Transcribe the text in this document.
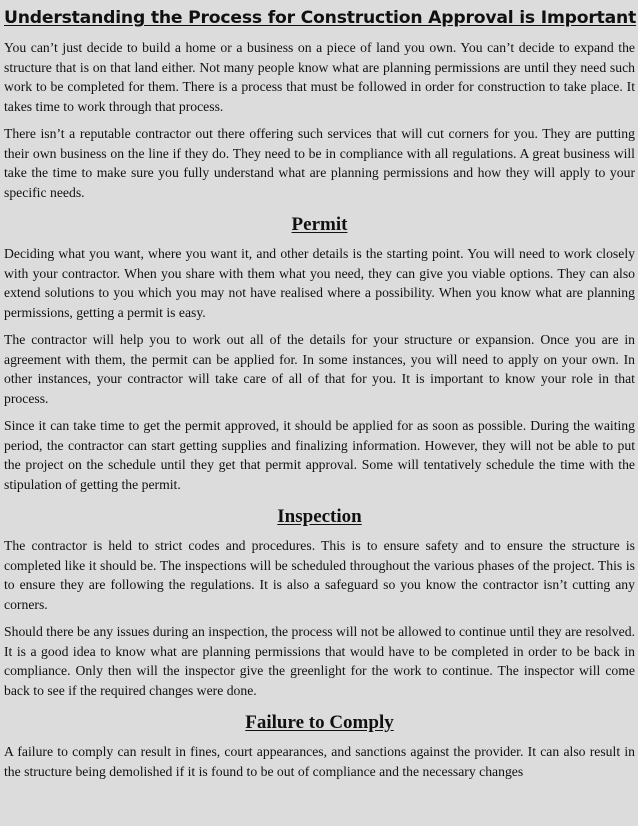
Understanding the Process for Construction Approval is Important

You can’t just decide to build a home or a business on a piece of land you own. You can’t decide to expand the structure that is on that land either. Not many people know what are planning permissions are until they need such work to be completed for them. There is a process that must be followed in order for construction to take place. It takes time to work through that process.

There isn’t a reputable contractor out there offering such services that will cut corners for you. They are putting their own business on the line if they do. They need to be in compliance with all regulations. A great business will take the time to make sure you fully understand what are planning permissions and how they will apply to your specific needs.

Permit

Deciding what you want, where you want it, and other details is the starting point. You will need to work closely with your contractor. When you share with them what you need, they can give you viable options. They can also extend solutions to you which you may not have realised where a possibility. When you know what are planning permissions, getting a permit is easy.

The contractor will help you to work out all of the details for your structure or expansion. Once you are in agreement with them, the permit can be applied for. In some instances, you will need to apply on your own. In other instances, your contractor will take care of all of that for you. It is important to know your role in that process.

Since it can take time to get the permit approved, it should be applied for as soon as possible. During the waiting period, the contractor can start getting supplies and finalizing information. However, they will not be able to put the project on the schedule until they get that permit approval. Some will tentatively schedule the time with the stipulation of getting the permit.

Inspection

The contractor is held to strict codes and procedures. This is to ensure safety and to ensure the structure is completed like it should be. The inspections will be scheduled throughout the various phases of the project. This is to ensure they are following the regulations. It is also a safeguard so you know the contractor isn’t cutting any corners.

Should there be any issues during an inspection, the process will not be allowed to continue until they are resolved. It is a good idea to know what are planning permissions that would have to be completed in order to be back in compliance. Only then will the inspector give the greenlight for the work to continue. The inspector will come back to see if the required changes were done.

Failure to Comply

A failure to comply can result in fines, court appearances, and sanctions against the provider. It can also result in the structure being demolished if it is found to be out of compliance and the necessary changes
